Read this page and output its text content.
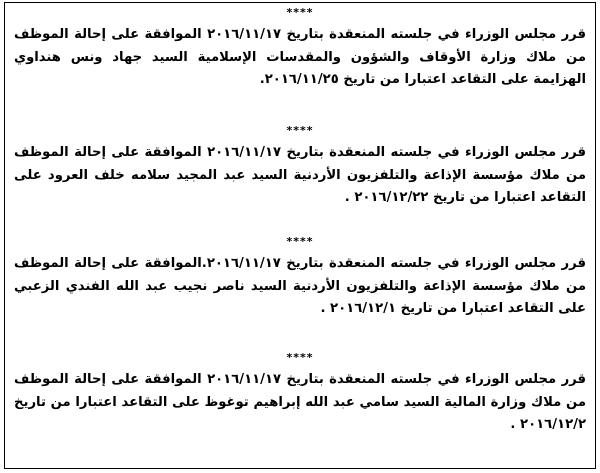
****
قرر مجلس الوزراء في جلسته المنعقدة بتاريخ ٢٠١٦/١١/١٧ الموافقة على إحالة الموظف من ملاك وزارة الأوقاف والشؤون والمقدسات الإسلامية السيد جهاد ونس هنداوي الهزايمة على التقاعد اعتبارا من تاريخ ٢٠١٦/١١/٢٥.
****
قرر مجلس الوزراء في جلسته المنعقدة بتاريخ ٢٠١٦/١١/١٧ الموافقة على إحالة الموظف من ملاك مؤسسة الإذاعة والتلفزيون الأردنية السيد عبد المجيد سلامه خلف العرود على التقاعد اعتبارا من تاريخ ٢٠١٦/١٢/٢٢ .
****
قرر مجلس الوزراء في جلسته المنعقدة بتاريخ ٢٠١٦/١١/١٧.الموافقة على إحالة الموظف من ملاك مؤسسة الإذاعة والتلفزيون الأردنية السيد ناصر نجيب عبد الله الفندي الزعبي على التقاعد اعتبارا من تاريخ ٢٠١٦/١٢/١ .
****
قرر مجلس الوزراء في جلسته المنعقدة بتاريخ ٢٠١٦/١١/١٧ الموافقة على إحالة الموظف من ملاك وزارة المالية السيد سامي عبد الله إبراهيم توغوظ على التقاعد اعتبارا من تاريخ ٢٠١٦/١٢/٢ .
